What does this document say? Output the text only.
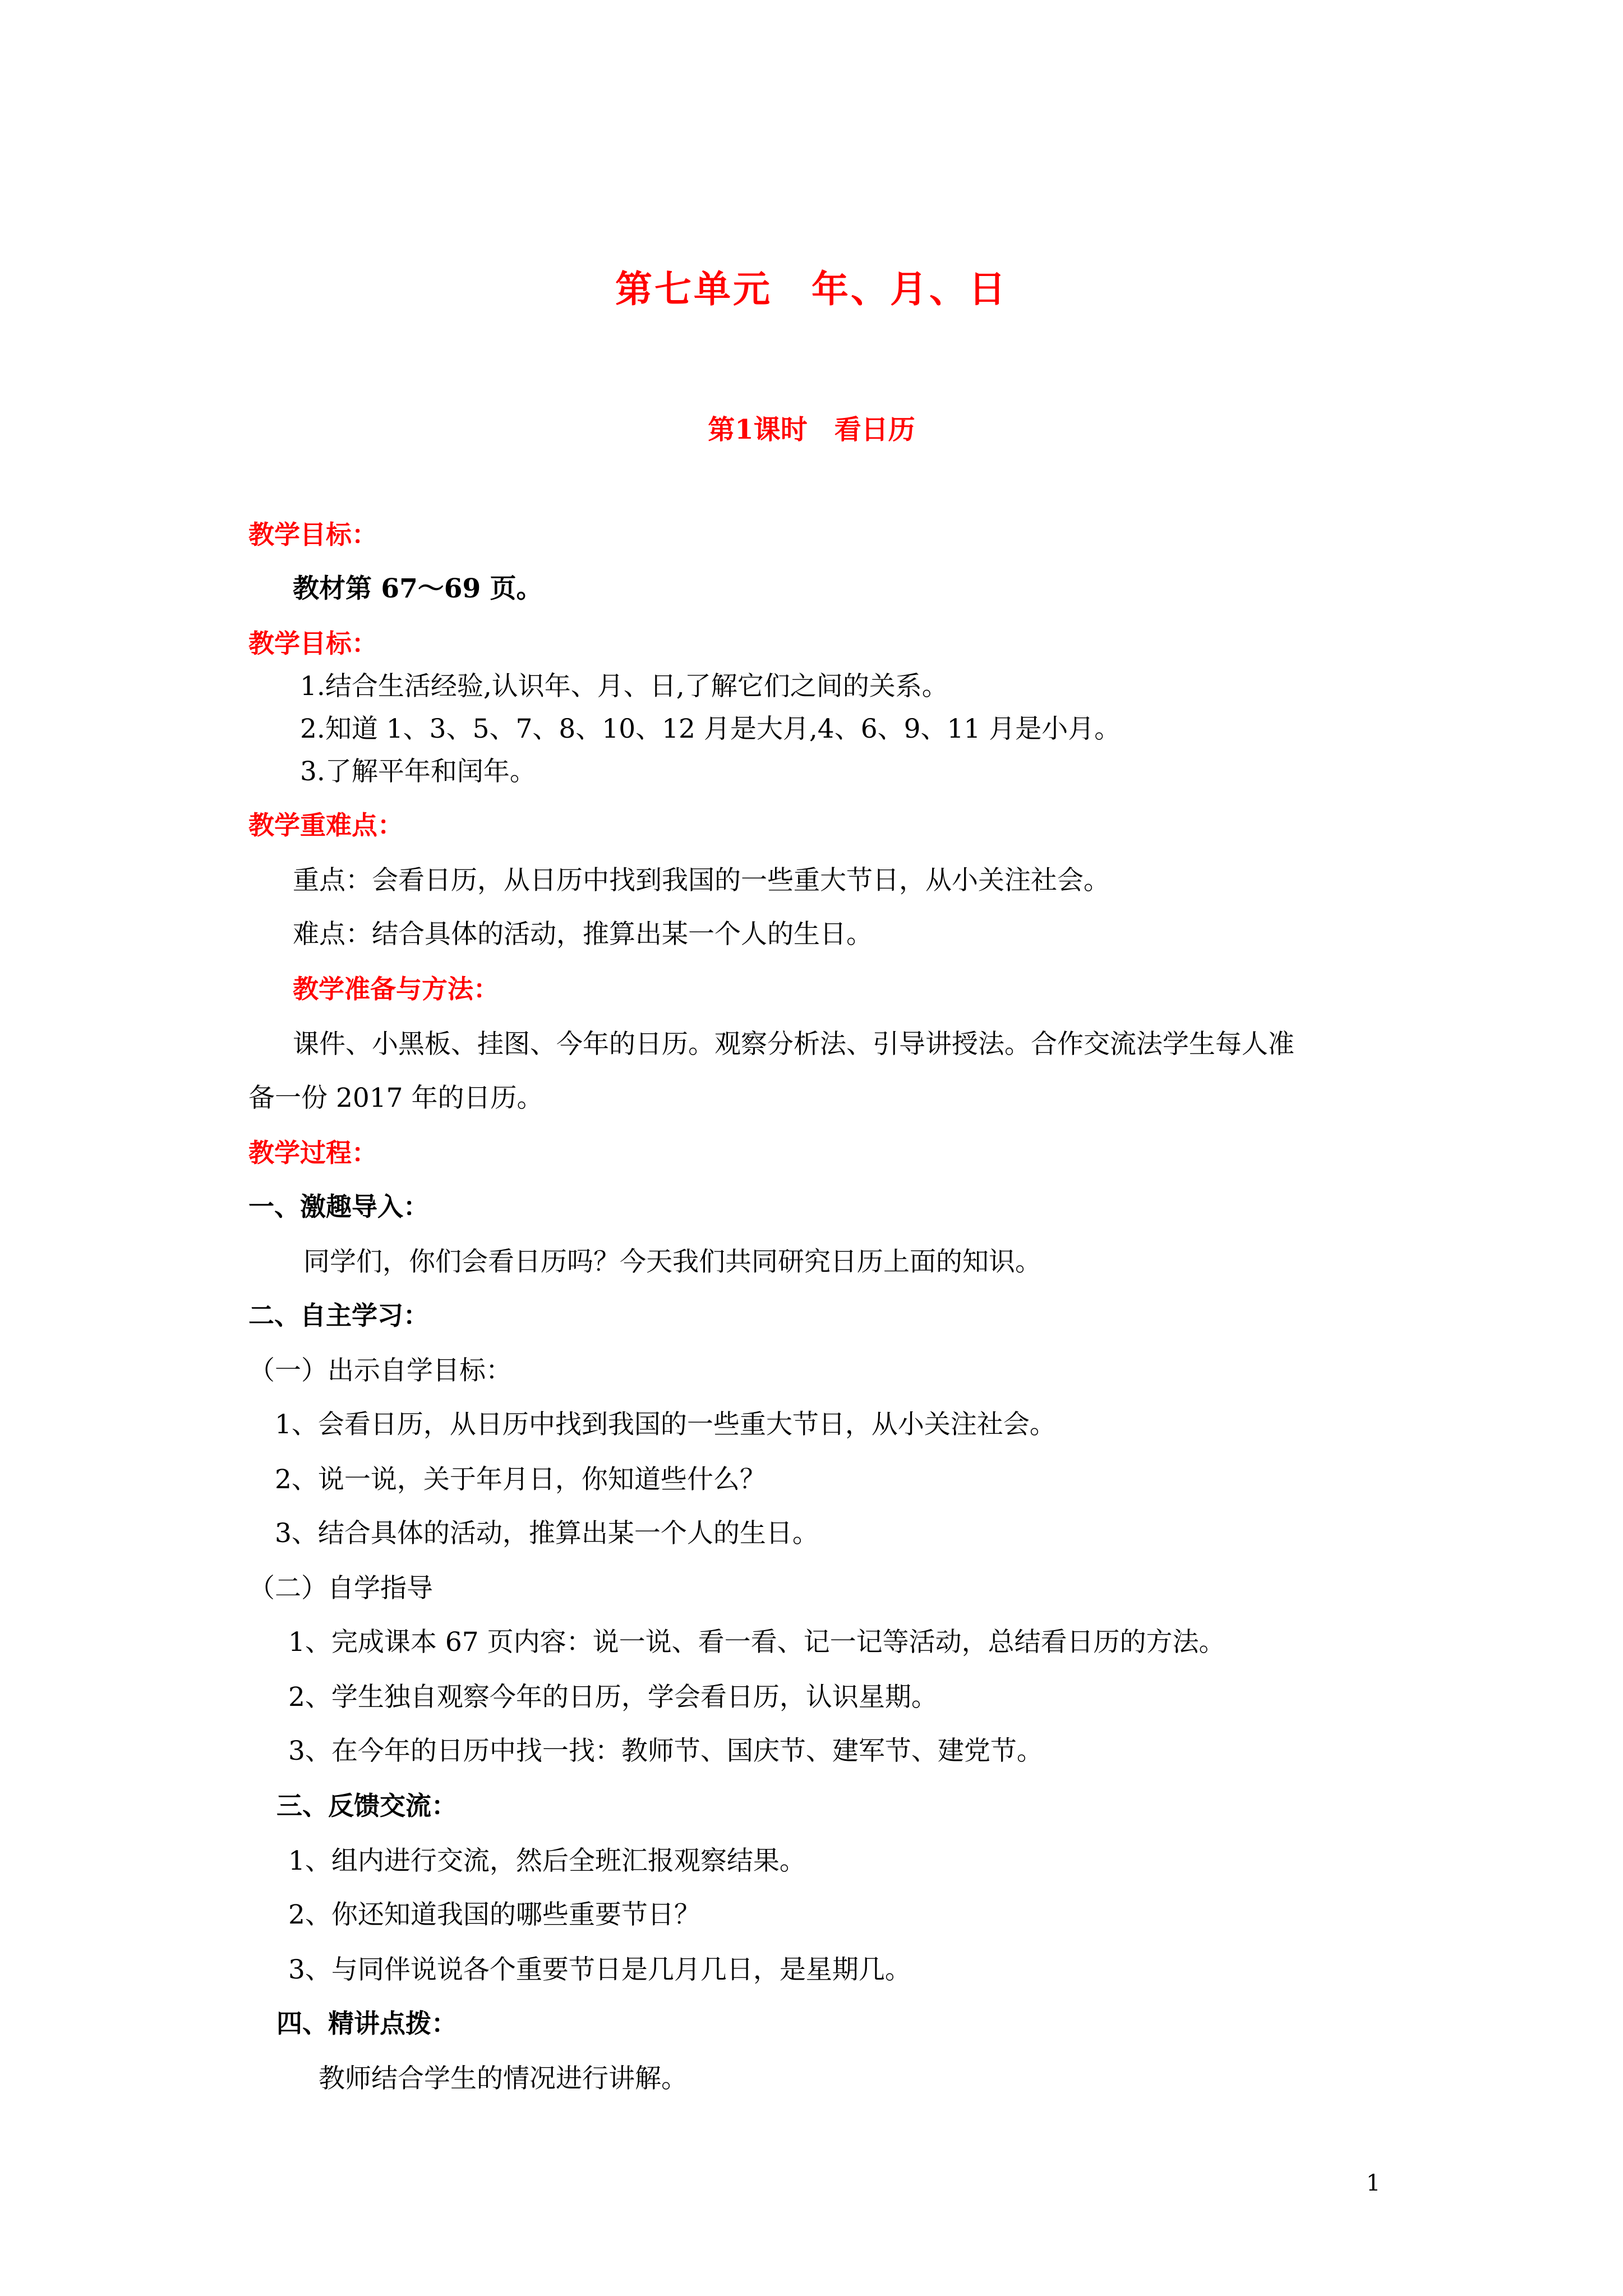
第七单元　年、月、日
第1课时　看日历
教学目标：
教材第 67～69 页。
教学目标：
1.结合生活经验,认识年、月、日,了解它们之间的关系。
2.知道 1、3、5、7、8、10、12 月是大月,4、6、9、11 月是小月。
3.了解平年和闰年。
教学重难点：
重点：会看日历，从日历中找到我国的一些重大节日，从小关注社会。
难点：结合具体的活动，推算出某一个人的生日。
教学准备与方法：
课件、小黑板、挂图、今年的日历。观察分析法、引导讲授法。合作交流法学生每人准
备一份 2017 年的日历。
教学过程：
一、激趣导入：
同学们，你们会看日历吗？今天我们共同研究日历上面的知识。
二、自主学习：
（一）出示自学目标：
1、会看日历，从日历中找到我国的一些重大节日，从小关注社会。
2、说一说，关于年月日，你知道些什么？
3、结合具体的活动，推算出某一个人的生日。
（二）自学指导
1、完成课本 67 页内容：说一说、看一看、记一记等活动，总结看日历的方法。
2、学生独自观察今年的日历，学会看日历，认识星期。
3、在今年的日历中找一找：教师节、国庆节、建军节、建党节。
三、反馈交流：
1、组内进行交流，然后全班汇报观察结果。
2、你还知道我国的哪些重要节日？
3、与同伴说说各个重要节日是几月几日，是星期几。
四、精讲点拨：
教师结合学生的情况进行讲解。
1
